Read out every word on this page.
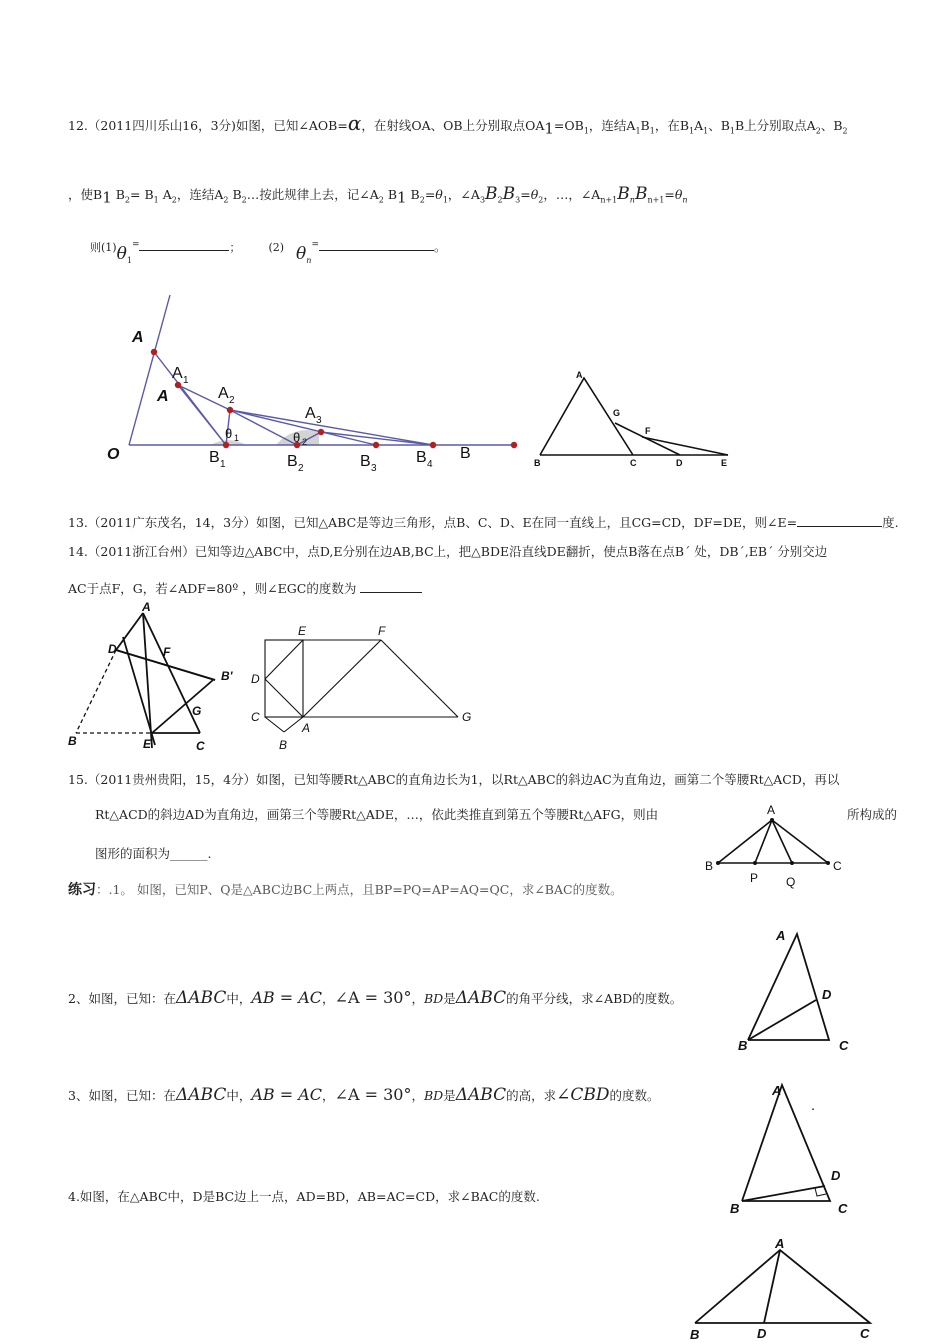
12.（2011四川乐山16，3分)如图，已知∠AOB=α，在射线OA、OB上分别取点$OA_1=OB_1$，连结$A_1B_1$，在$B_1A_1$、$B_1B$上分别取点$A_2$、$B_2$
，使$B_1$ $B_2= B_1$ $A_2$，连结$A_2$ $B_2\dots$按此规律上去，记$\angle A_2$ $B_1$ $B_2=\theta_1$，$\angle A_3B_2B_3=\theta_2$，…，$\angle A_{n+1}B_nB_{n+1}=\theta_n$
则$(1)\theta_1^=$	；	(2) $\theta_n^=$	。
A
A
O
A 1
A 2
A 3
B 1	B 2	B 3
B 4
B
θ 1	θ 2
A
B
G
F
C	D	E
13.（2011广东茂名，14，3分）如图，已知△ABC是等边三角形，点B、C、D、E在同一直线上，且CG=CD，DF=DE，则∠E=	度.
14.（2011浙江台州）已知等边△ABC中，点D,E分别在边AB,BC上，把△BDE沿直线DE翻折，使点B落在点B´ 处，DB´,EB´ 分别交边
AC于点F，G，若∠ADF=80º ，则∠EGC的度数为
A
D	F
B'
G
B	E	C
E	F
D
C
A
G
B
15.（2011贵州贵阳，15，4分）如图，已知等腰Rt△ABC的直角边长为1，以Rt△ABC的斜边AC为直角边，画第二个等腰Rt△ACD，再以
Rt△ACD的斜边AD为直角边，画第三个等腰Rt△ADE，…，依此类推直到第五个等腰Rt△AFG，则由	所构成的
图形的面积为______.
A
B
P Q
C
练习：.1。 如图，已知P、Q是△ABC边BC上两点，且BP=PQ=AP=AQ=QC，求∠BAC的度数。
2、如图，已知：在ΔABC中，AB = AC，∠A = 30°，BD是ΔABC的角平分线，求∠ABD的度数。
A
D
B	C
3、如图，已知：在ΔABC中，AB = AC，∠A = 30°，BD是ΔABC的高，求∠CBD的度数。	A
D
B	C
.
4.如图，在△ABC中，D是BC边上一点，AD=BD，AB=AC=CD，求∠BAC的度数.
A
B	D	C
